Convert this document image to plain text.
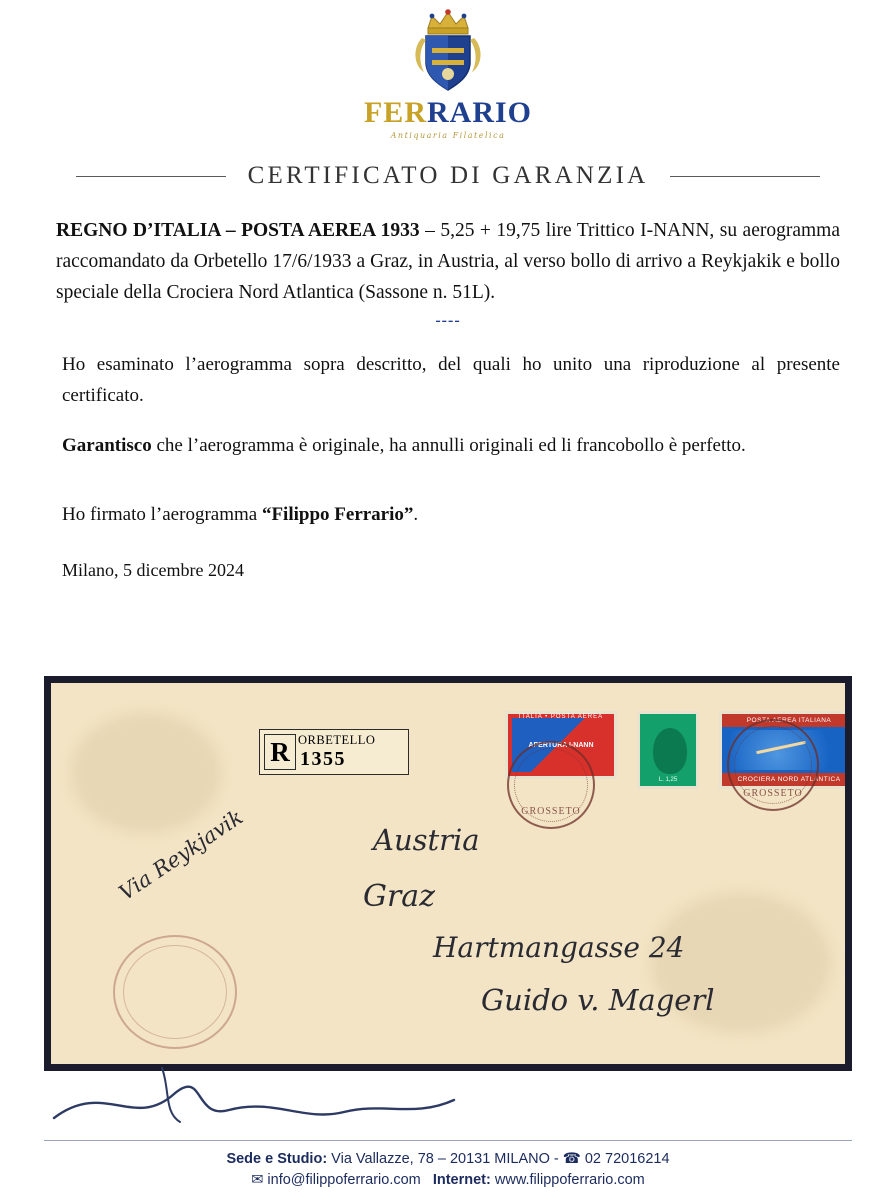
FERRARIO
Antiquaria Filatelica
CERTIFICATO DI GARANZIA
REGNO D’ITALIA – POSTA AEREA 1933 – 5,25 + 19,75 lire Trittico I-NANN, su aerogramma raccomandato da Orbetello 17/6/1933 a Graz, in Austria, al verso bollo di arrivo a Reykjakik e bollo speciale della Crociera Nord Atlantica (Sassone n. 51L).
----
Ho esaminato l’aerogramma sopra descritto, del quali ho unito una riproduzione al presente certificato.
Garantisco che l’aerogramma è originale, ha annulli originali ed li francobollo è perfetto.
Ho firmato l’aerogramma “Filippo Ferrario”.
Milano, 5 dicembre 2024
R ORBETELLO
1355
ITALIA • POSTA AEREA
APERTURA I-NANN
L. 1,25
POSTA AEREA ITALIANA
CROCIERA NORD ATLANTICA
GROSSETO
GROSSETO
Via Reykjavik	Austria
Graz
Hartmangasse 24
Guido v. Magerl
Sede e Studio: Via Vallazze, 78 – 20131 MILANO - ☎ 02 72016214
✉ info@filippoferrario.com Internet: www.filippoferrario.com
